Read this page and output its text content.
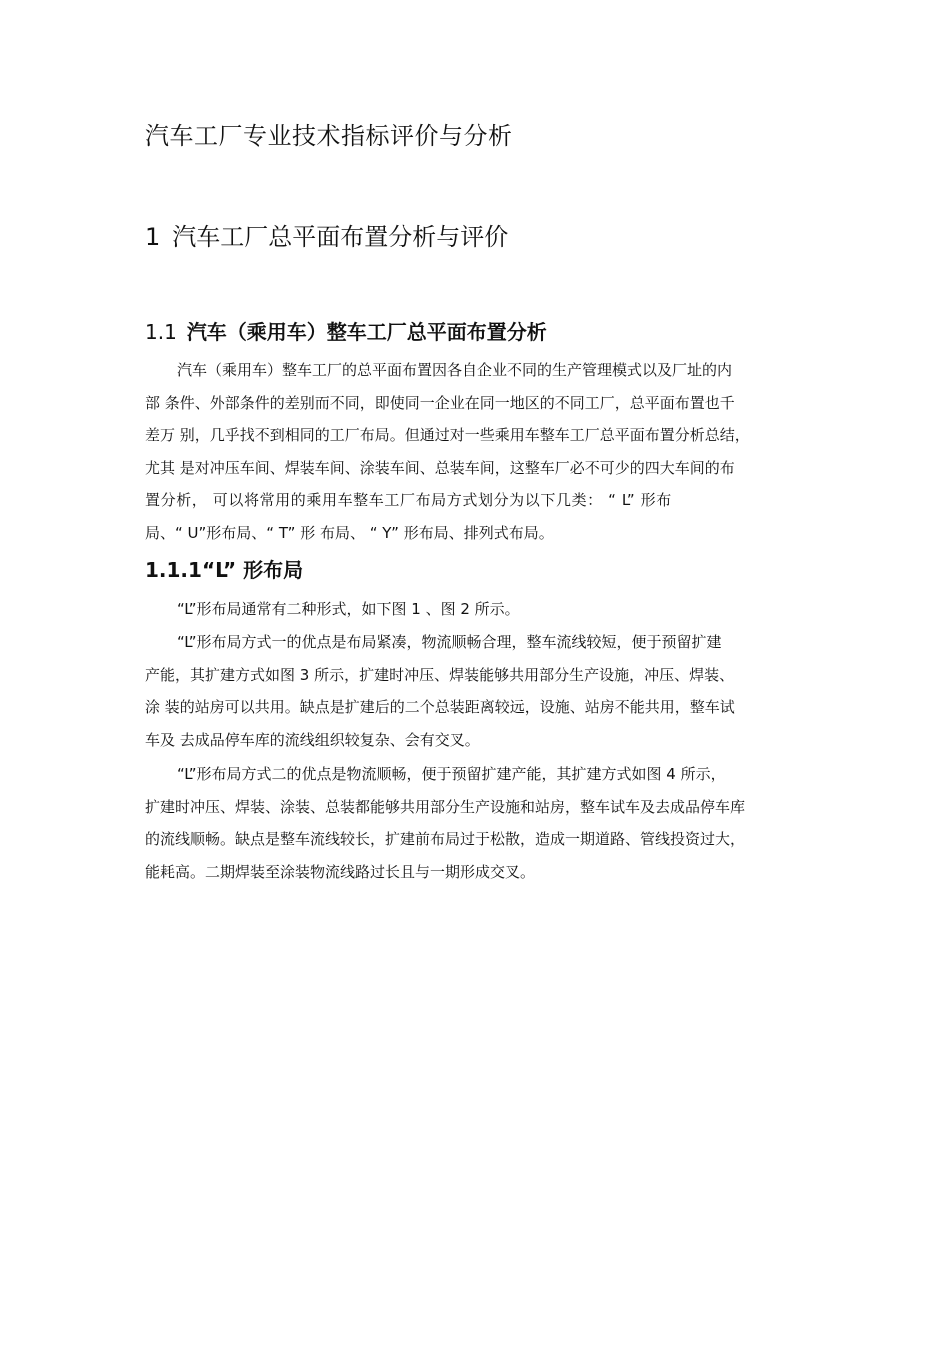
汽车工厂专业技术指标评价与分析
1 汽车工厂总平面布置分析与评价
1.1 汽车（乘用车）整车工厂总平面布置分析
汽车（乘用车）整车工厂的总平面布置因各自企业不同的生产管理模式以及厂址的内
部 条件、外部条件的差别而不同，即使同一企业在同一地区的不同工厂，总平面布置也千
差万 别，几乎找不到相同的工厂布局。但通过对一些乘用车整车工厂总平面布置分析总结，
尤其 是对冲压车间、焊装车间、涂装车间、总装车间，这整车厂必不可少的四大车间的布
置分析， 可以将常用的乘用车整车工厂布局方式划分为以下几类： “ L” 形布
局、“ U”形布局、“ T” 形 布局、 “ Y” 形布局、排列式布局。
1.1.1“L” 形布局
“L”形布局通常有二种形式，如下图 1 、图 2 所示。
“L”形布局方式一的优点是布局紧凑，物流顺畅合理，整车流线较短，便于预留扩建
产能，其扩建方式如图 3 所示，扩建时冲压、焊装能够共用部分生产设施，冲压、焊装、
涂 装的站房可以共用。缺点是扩建后的二个总装距离较远，设施、站房不能共用，整车试
车及 去成品停车库的流线组织较复杂、会有交叉。
“L”形布局方式二的优点是物流顺畅，便于预留扩建产能，其扩建方式如图 4 所示，
扩建时冲压、焊装、涂装、总装都能够共用部分生产设施和站房，整车试车及去成品停车库
的流线顺畅。缺点是整车流线较长，扩建前布局过于松散，造成一期道路、管线投资过大，
能耗高。二期焊装至涂装物流线路过长且与一期形成交叉。
